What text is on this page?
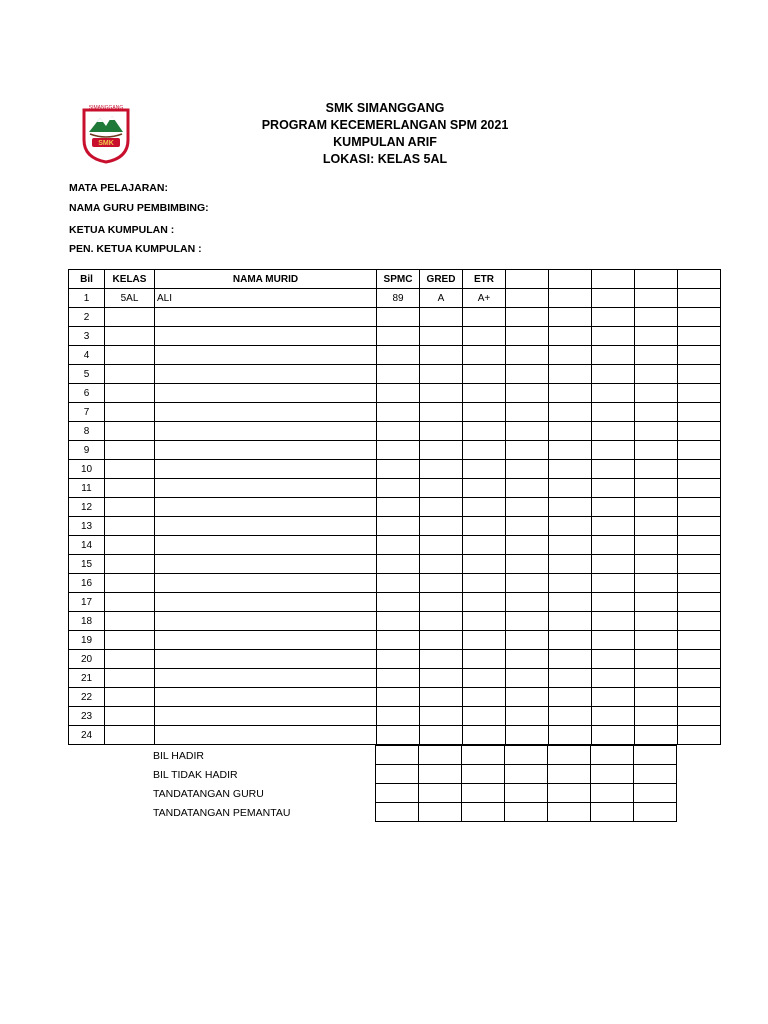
SMK
SIMANGGANG	SMK SIMANGGANG
PROGRAM KECEMERLANGAN SPM 2021
KUMPULAN ARIF
LOKASI: KELAS 5AL
MATA PELAJARAN:
NAMA GURU PEMBIMBING:
KETUA KUMPULAN :
PEN. KETUA KUMPULAN :
Bil	KELAS	NAMA MURID	SPMC	GRED	ETR					
1	5AL	ALI	89	A	A+					
2										
3										
4										
5										
6										
7										
8										
9										
10										
11										
12										
13										
14										
15										
16										
17										
18										
19										
20										
21										
22										
23										
24										
BIL HADIR
BIL TIDAK HADIR
TANDATANGAN GURU
TANDATANGAN PEMANTAU
